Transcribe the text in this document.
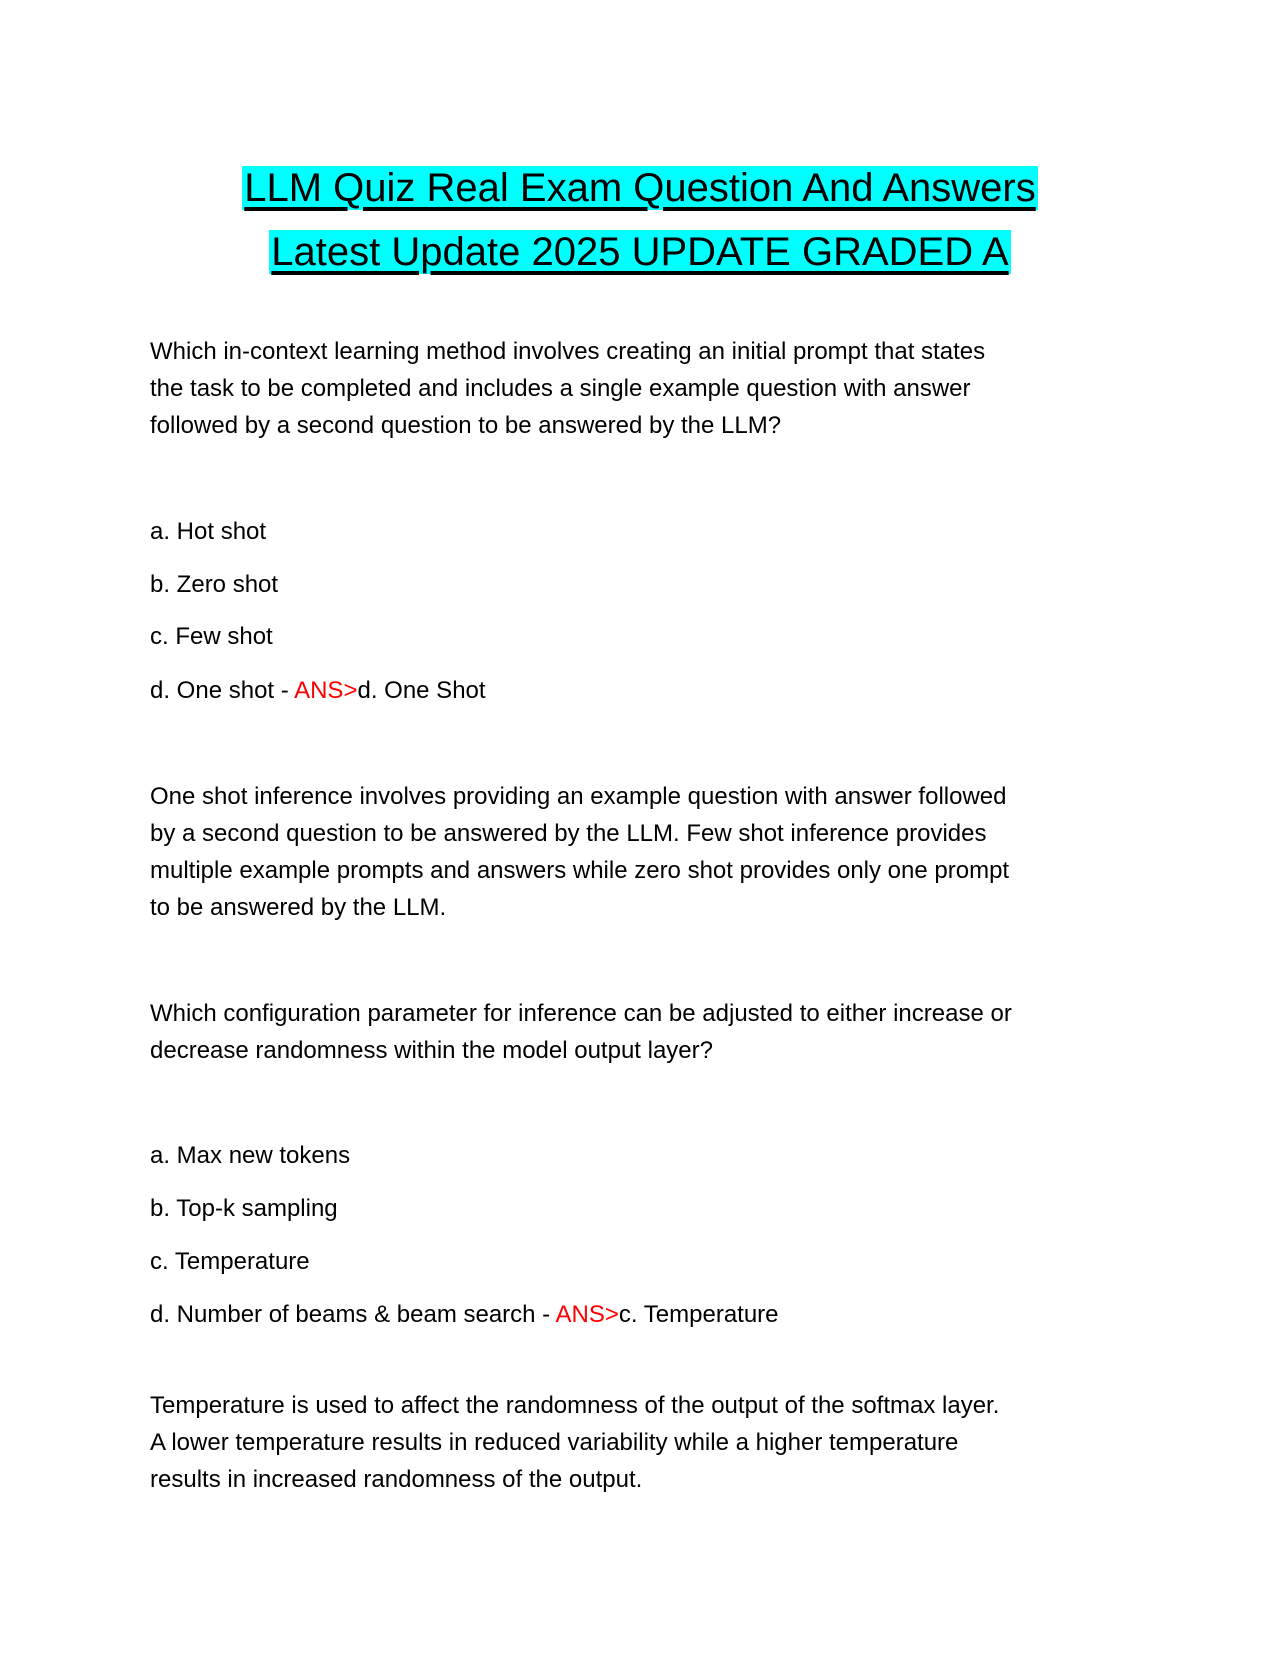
LLM Quiz Real Exam Question And Answers
Latest Update 2025 UPDATE GRADED A
Which in-context learning method involves creating an initial prompt that states
the task to be completed and includes a single example question with answer
followed by a second question to be answered by the LLM?
a. Hot shot
b. Zero shot
c. Few shot
d. One shot - ANS>d. One Shot
One shot inference involves providing an example question with answer followed
by a second question to be answered by the LLM. Few shot inference provides
multiple example prompts and answers while zero shot provides only one prompt
to be answered by the LLM.
Which configuration parameter for inference can be adjusted to either increase or
decrease randomness within the model output layer?
a. Max new tokens
b. Top-k sampling
c. Temperature
d. Number of beams & beam search - ANS>c. Temperature
Temperature is used to affect the randomness of the output of the softmax layer.
A lower temperature results in reduced variability while a higher temperature
results in increased randomness of the output.
